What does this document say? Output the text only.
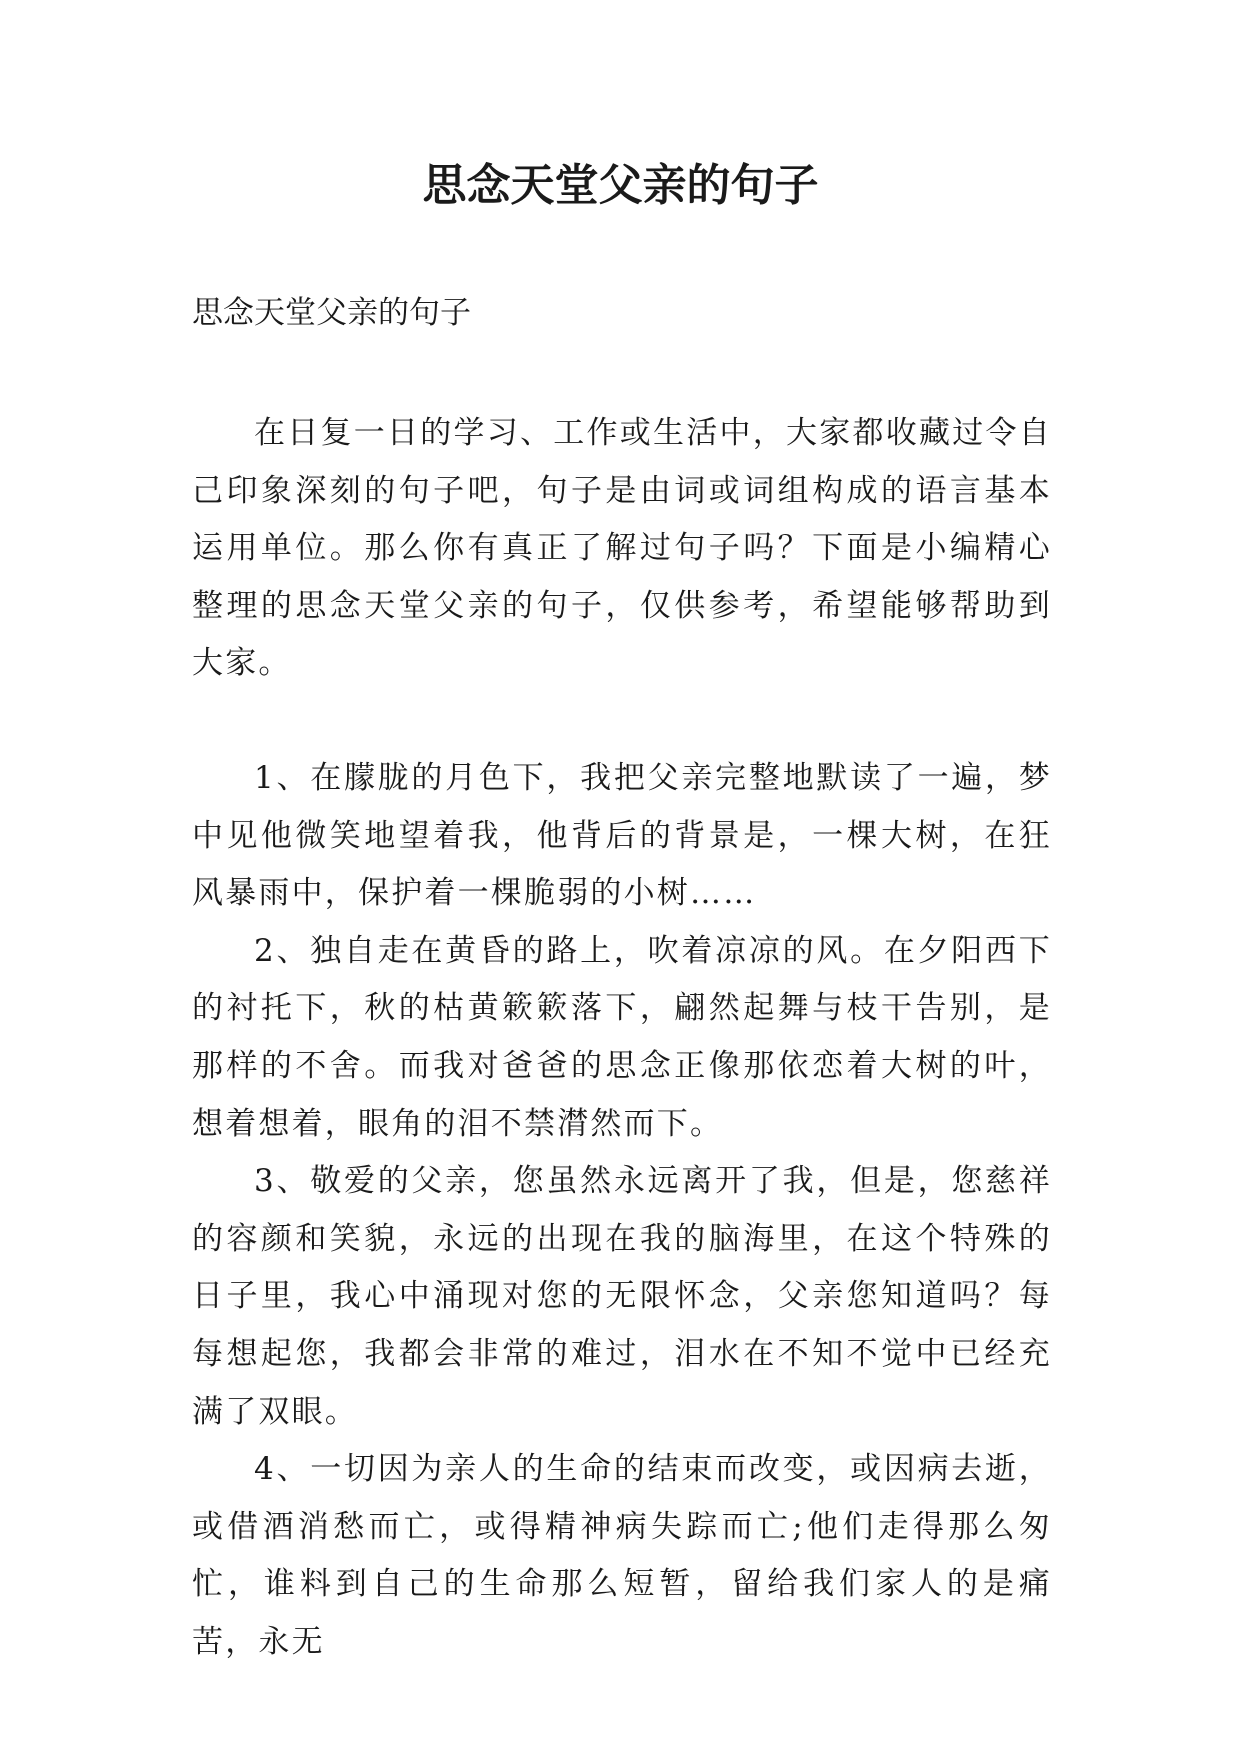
思念天堂父亲的句子

思念天堂父亲的句子

在日复一日的学习、工作或生活中，大家都收藏过令自己印象深刻的句子吧，句子是由词或词组构成的语言基本运用单位。那么你有真正了解过句子吗？下面是小编精心整理的思念天堂父亲的句子，仅供参考，希望能够帮助到大家。

1、在朦胧的月色下，我把父亲完整地默读了一遍，梦中见他微笑地望着我，他背后的背景是，一棵大树，在狂风暴雨中，保护着一棵脆弱的小树……

2、独自走在黄昏的路上，吹着凉凉的风。在夕阳西下的衬托下，秋的枯黄簌簌落下，翩然起舞与枝干告别，是那样的不舍。而我对爸爸的思念正像那依恋着大树的叶，想着想着，眼角的泪不禁潸然而下。

3、敬爱的父亲，您虽然永远离开了我，但是，您慈祥的容颜和笑貌，永远的出现在我的脑海里，在这个特殊的日子里，我心中涌现对您的无限怀念，父亲您知道吗？每每想起您，我都会非常的难过，泪水在不知不觉中已经充满了双眼。

4、一切因为亲人的生命的结束而改变，或因病去逝，或借酒消愁而亡，或得精神病失踪而亡;他们走得那么匆忙，谁料到自己的生命那么短暂，留给我们家人的是痛苦，永无
